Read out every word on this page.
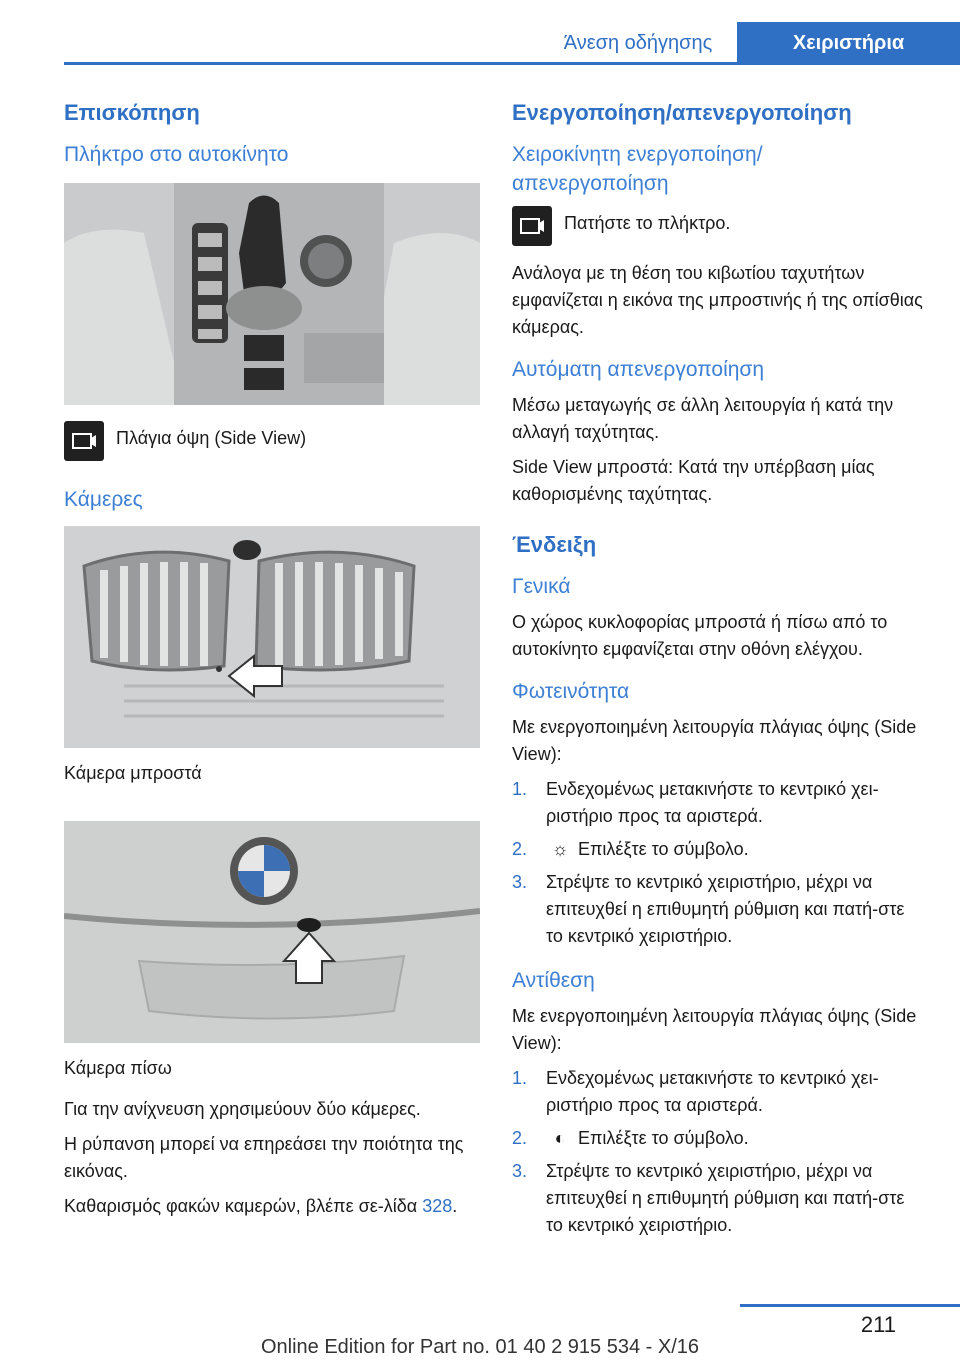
Άνεση οδήγησης	Χειριστήρια
Επισκόπηση
Πλήκτρο στο αυτοκίνητο
Πλάγια όψη (Side View)
Κάμερες
Κάμερα μπροστά
Κάμερα πίσω
Για την ανίχνευση χρησιμεύουν δύο κάμερες.
Η ρύπανση μπορεί να επηρεάσει την ποιότητα της εικόνας.
Καθαρισμός φακών καμερών, βλέπε σε-λίδα 328.
Ενεργοποίηση/απενεργοποίηση
Χειροκίνητη ενεργοποίηση/ απενεργοποίηση
Πατήστε το πλήκτρο.
Ανάλογα με τη θέση του κιβωτίου ταχυτήτων εμφανίζεται η εικόνα της μπροστινής ή της οπίσθιας κάμερας.
Αυτόματη απενεργοποίηση
Μέσω μεταγωγής σε άλλη λειτουργία ή κατά την αλλαγή ταχύτητας.
Side View μπροστά: Κατά την υπέρβαση μίας καθορισμένης ταχύτητας.
Ένδειξη
Γενικά
Ο χώρος κυκλοφορίας μπροστά ή πίσω από το αυτοκίνητο εμφανίζεται στην οθόνη ελέγχου.
Φωτεινότητα
Με ενεργοποιημένη λειτουργία πλάγιας όψης (Side View):
1.	Ενδεχομένως μετακινήστε το κεντρικό χει-ριστήριο προς τα αριστερά.
2.	☼ Επιλέξτε το σύμβολο.
3.	Στρέψτε το κεντρικό χειριστήριο, μέχρι να επιτευχθεί η επιθυμητή ρύθμιση και πατή-στε το κεντρικό χειριστήριο.
Αντίθεση
Με ενεργοποιημένη λειτουργία πλάγιας όψης (Side View):
1.	Ενδεχομένως μετακινήστε το κεντρικό χει-ριστήριο προς τα αριστερά.
2.	◐ Επιλέξτε το σύμβολο.
3.	Στρέψτε το κεντρικό χειριστήριο, μέχρι να επιτευχθεί η επιθυμητή ρύθμιση και πατή-στε το κεντρικό χειριστήριο.
211
Online Edition for Part no. 01 40 2 915 534 - X/16
